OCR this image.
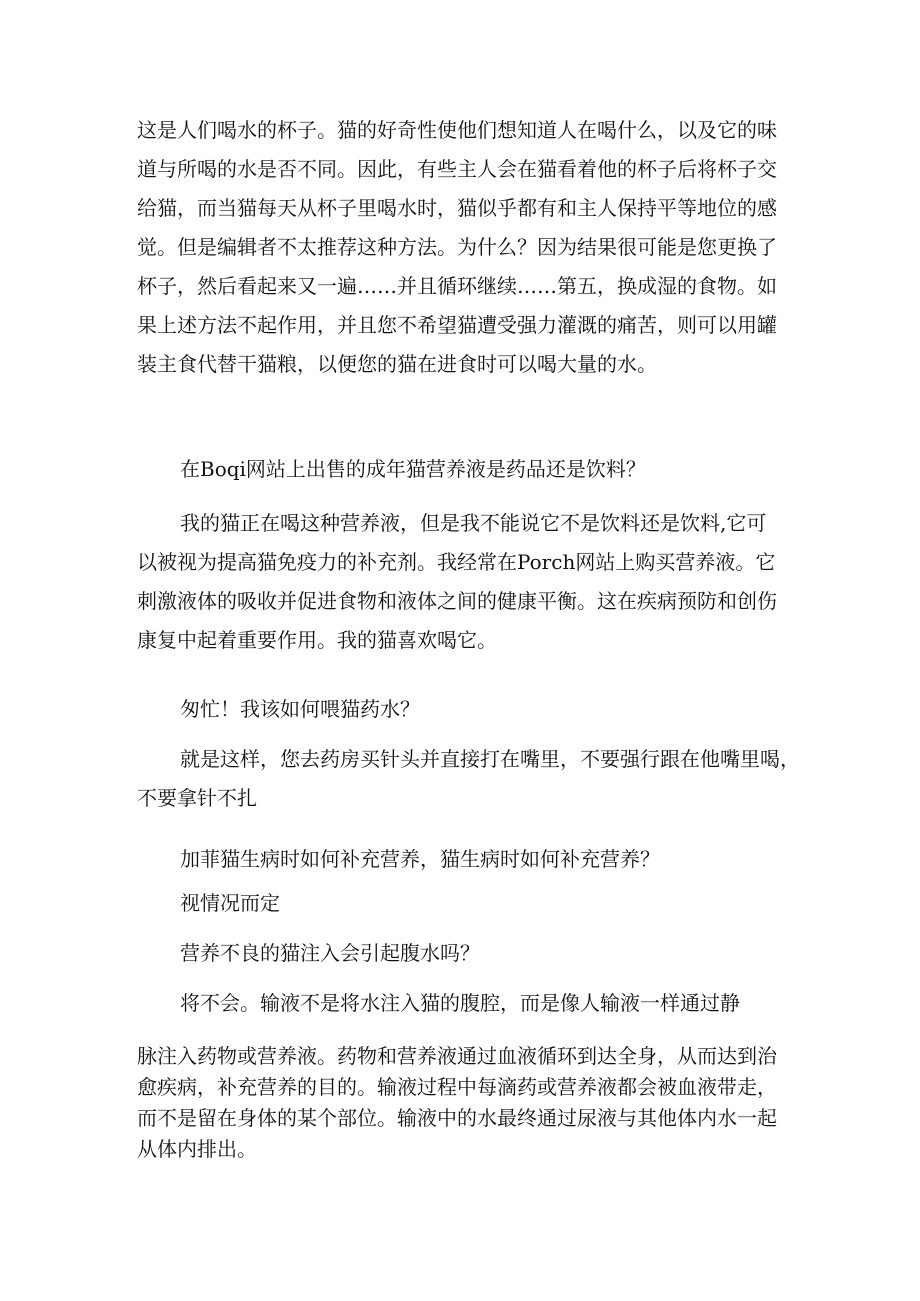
这是人们喝水的杯子。猫的好奇性使他们想知道人在喝什么，以及它的味
道与所喝的水是否不同。因此，有些主人会在猫看着他的杯子后将杯子交
给猫，而当猫每天从杯子里喝水时，猫似乎都有和主人保持平等地位的感
觉。但是编辑者不太推荐这种方法。为什么？因为结果很可能是您更换了
杯子，然后看起来又一遍……并且循环继续……第五，换成湿的食物。如
果上述方法不起作用，并且您不希望猫遭受强力灌溉的痛苦，则可以用罐
装主食代替干猫粮，以便您的猫在进食时可以喝大量的水。
在Boqi网站上出售的成年猫营养液是药品还是饮料？
我的猫正在喝这种营养液，但是我不能说它不是饮料还是饮料,它可
以被视为提高猫免疫力的补充剂。我经常在Porch网站上购买营养液。它
刺激液体的吸收并促进食物和液体之间的健康平衡。这在疾病预防和创伤
康复中起着重要作用。我的猫喜欢喝它。
匆忙！我该如何喂猫药水？
就是这样，您去药房买针头并直接打在嘴里，不要强行跟在他嘴里喝，
不要拿针不扎
加菲猫生病时如何补充营养，猫生病时如何补充营养？
视情况而定
营养不良的猫注入会引起腹水吗？
将不会。输液不是将水注入猫的腹腔，而是像人输液一样通过静
脉注入药物或营养液。药物和营养液通过血液循环到达全身，从而达到治
愈疾病，补充营养的目的。输液过程中每滴药或营养液都会被血液带走，
而不是留在身体的某个部位。输液中的水最终通过尿液与其他体内水一起
从体内排出。
